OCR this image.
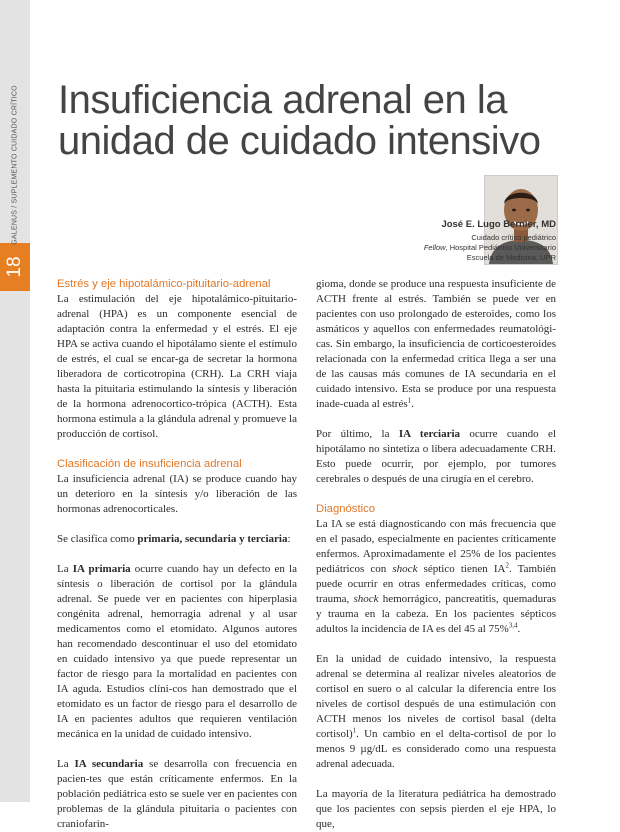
18
GALENUS / SUPLEMENTO CUIDADO CRÍTICO Insuficiencia adrenal en la unidad de cuidado intensivo
José E. Lugo Bernier, MD
Cuidado crítico pediátrico
Fellow, Hospital Pediátrico Universitario
Escuela de Medicina, UPR
Estrés y eje hipotalámico-pituitario-adrenal

La estimulación del eje hipotalámico-pituitario-adrenal (HPA) es un componente esencial de adaptación contra la enfermedad y el estrés. El eje HPA se activa cuando el hipotálamo siente el estímulo de estrés, el cual se encar-ga de secretar la hormona liberadora de corticotropina (CRH). La CRH viaja hasta la pituitaria estimulando la síntesis y liberación de la hormona adrenocortico-trópica (ACTH). Esta hormona estimula a la glándula adrenal y promueve la producción de cortisol.

Clasificación de insuficiencia adrenal

La insuficiencia adrenal (IA) se produce cuando hay un deterioro en la síntesis y/o liberación de las hormonas adrenocorticales.

Se clasifica como primaria, secundaria y terciaria:

La IA primaria ocurre cuando hay un defecto en la síntesis o liberación de cortisol por la glándula adrenal. Se puede ver en pacientes con hiperplasia congénita adrenal, hemorragia adrenal y al usar medicamentos como el etomidato. Algunos autores han recomendado descontinuar el uso del etomidato en cuidado intensivo ya que puede representar un factor de riesgo para la mortalidad en pacientes con IA aguda. Estudios clíni-cos han demostrado que el etomidato es un factor de riesgo para el desarrollo de IA en pacientes adultos que requieren ventilación mecánica en la unidad de cuidado intensivo.

La IA secundaria se desarrolla con frecuencia en pacien-tes que están críticamente enfermos. En la población pediátrica esto se suele ver en pacientes con problemas de la glándula pituitaria o pacientes con craniofarin-

gioma, donde se produce una respuesta insuficiente de ACTH frente al estrés. También se puede ver en pacientes con uso prolongado de esteroides, como los asmáticos y aquellos con enfermedades reumatológi-cas. Sin embargo, la insuficiencia de corticoesteroides relacionada con la enfermedad crítica llega a ser una de las causas más comunes de IA secundaria en el cuidado intensivo. Esta se produce por una respuesta inade-cuada al estrés$^1$.

Por último, la IA terciaria ocurre cuando el hipotálamo no sintetiza o libera adecuadamente CRH. Esto puede ocurrir, por ejemplo, por tumores cerebrales o después de una cirugía en el cerebro.

Diagnóstico

La IA se está diagnosticando con más frecuencia que en el pasado, especialmente en pacientes críticamente enfermos. Aproximadamente el 25% de los pacientes pediátricos con shock séptico tienen $IA^2$. También puede ocurrir en otras enfermedades críticas, como trauma, shock hemorrágico, pancreatitis, quemaduras y trauma en la cabeza. En los pacientes sépticos adultos la incidencia de IA es del 45 al 75%$^{3,4}$.

En la unidad de cuidado intensivo, la respuesta adrenal se determina al realizar niveles aleatorios de cortisol en suero o al calcular la diferencia entre los niveles de cortisol después de una estimulación con ACTH menos los niveles de cortisol basal (delta cortisol)$^1$. Un cambio en el delta-cortisol de por lo menos 9 µg/dL es considerado como una respuesta adrenal adecuada.

La mayoría de la literatura pediátrica ha demostrado que los pacientes con sepsis pierden el eje HPA, lo que,
